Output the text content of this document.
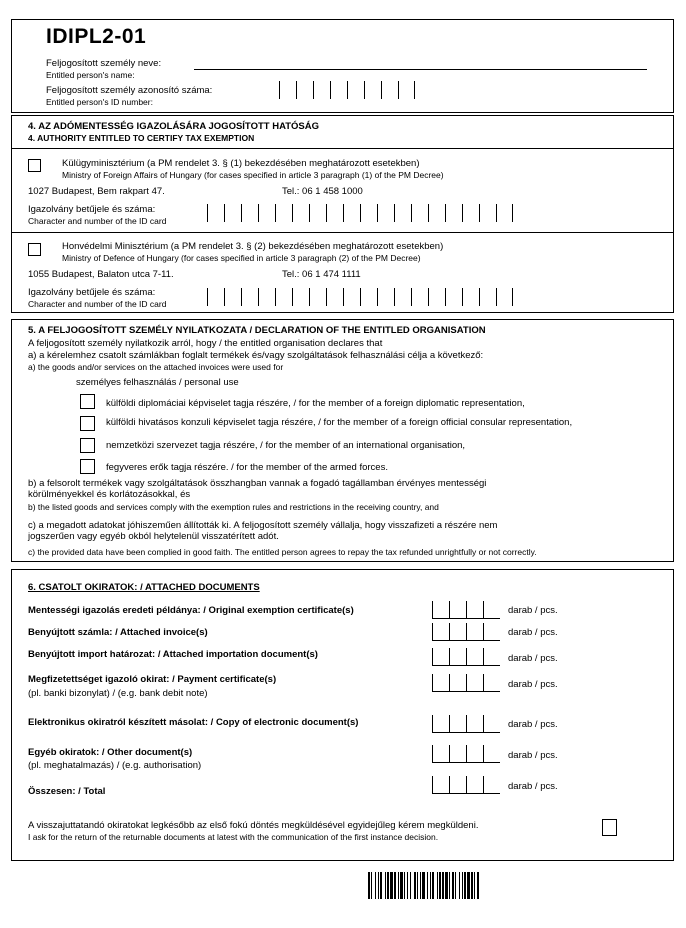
IDIPL2-01
Feljogosított személy neve:
Entitled person's name:
Feljogosított személy azonosító száma:
Entitled person's ID number:
4. AZ ADÓMENTESSÉG IGAZOLÁSÁRA JOGOSÍTOTT HATÓSÁG
4. AUTHORITY ENTITLED TO CERTIFY TAX EXEMPTION
Külügyminisztérium (a PM rendelet 3. § (1) bekezdésében meghatározott esetekben)
Ministry of Foreign Affairs of Hungary (for cases specified in article 3 paragraph (1) of the PM Decree)
1027 Budapest, Bem rakpart 47.	Tel.: 06 1 458 1000
Igazolvány betűjele és száma:
Character and number of the ID card
Honvédelmi Minisztérium (a PM rendelet 3. § (2) bekezdésében meghatározott esetekben)
Ministry of Defence of Hungary (for cases specified in article 3 paragraph (2) of the PM Decree)
1055 Budapest, Balaton utca 7-11.	Tel.: 06 1 474 1111
Igazolvány betűjele és száma:
Character and number of the ID card
5. A FELJOGOSÍTOTT SZEMÉLY NYILATKOZATA / DECLARATION OF THE ENTITLED ORGANISATION
A feljogosított személy nyilatkozik arról, hogy / the entitled organisation declares that
a) a kérelemhez csatolt számlákban foglalt termékek és/vagy szolgáltatások felhasználási célja a következő:
a) the goods and/or services on the attached invoices were used for
személyes felhasználás / personal use
külföldi diplomáciai képviselet tagja részére, / for the member of a foreign diplomatic representation,
külföldi hivatásos konzuli képviselet tagja részére, / for the member of a foreign official consular representation,
nemzetközi szervezet tagja részére, / for the member of an international organisation,
fegyveres erők tagja részére. / for the member of the armed forces.
b) a felsorolt termékek vagy szolgáltatások összhangban vannak a fogadó tagállamban érvényes mentességi
körülményekkel és korlátozásokkal, és
b) the listed goods and services comply with the exemption rules and restrictions in the receiving country, and
c) a megadott adatokat jóhiszeműen állították ki. A feljogosított személy vállalja, hogy visszafizeti a részére nem
jogszerűen vagy egyéb okból helytelenül visszatérített adót.
c) the provided data have been complied in good faith. The entitled person agrees to repay the tax refunded unrightfully or not correctly.
6. CSATOLT OKIRATOK: / ATTACHED DOCUMENTS
Mentességi igazolás eredeti példánya: / Original exemption certificate(s)	darab / pcs.
Benyújtott számla: / Attached invoice(s)	darab / pcs.
Benyújtott import határozat: / Attached importation document(s)	darab / pcs.
Megfizetettséget igazoló okirat: / Payment certificate(s)
(pl. banki bizonylat) / (e.g. bank debit note)
darab / pcs.
Elektronikus okiratról készített másolat: / Copy of electronic document(s)	darab / pcs.
Egyéb okiratok: / Other document(s)
(pl. meghatalmazás) / (e.g. authorisation)
darab / pcs.
Összesen: / Total	darab / pcs.
A visszajuttatandó okiratokat legkésőbb az első fokú döntés megküldésével egyidejűleg kérem megküldeni.
I ask for the return of the returnable documents at latest with the communication of the first instance decision.
